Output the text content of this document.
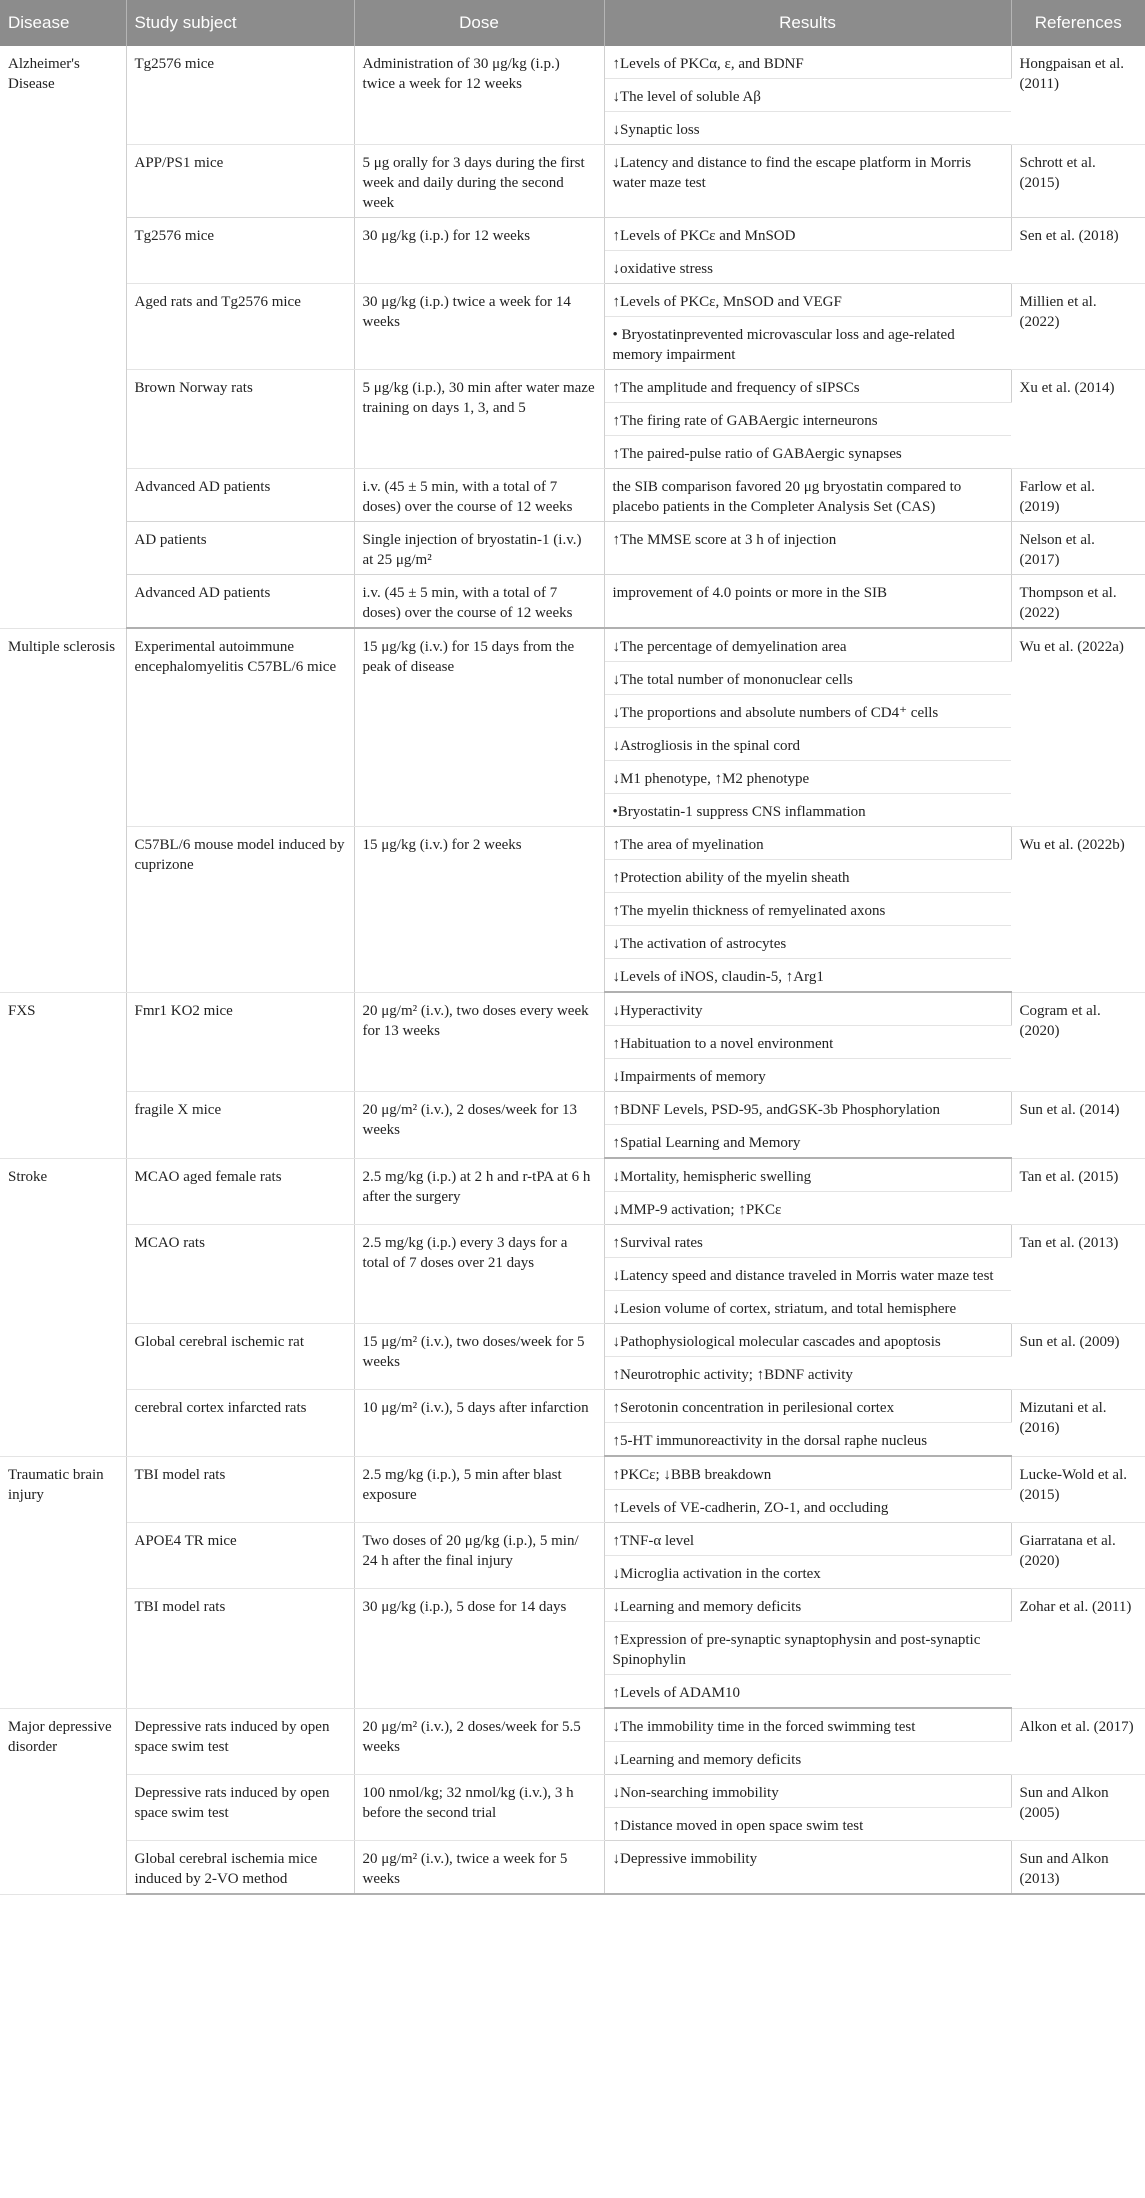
Disease	Study subject	Dose	Results	References
Alzheimer's Disease	Tg2576 mice	Administration of 30 μg/kg (i.p.) twice a week for 12 weeks	↑Levels of PKCα, ε, and BDNF	Hongpaisan et al. (2011)
			↓The level of soluble Aβ	
			↓Synaptic loss	
	APP/PS1 mice	5 μg orally for 3 days during the first week and daily during the second week	↓Latency and distance to find the escape platform in Morris water maze test	Schrott et al. (2015)
	Tg2576 mice	30 μg/kg (i.p.) for 12 weeks	↑Levels of PKCε and MnSOD	Sen et al. (2018)
			↓oxidative stress	
	Aged rats and Tg2576 mice	30 μg/kg (i.p.) twice a week for 14 weeks	↑Levels of PKCε, MnSOD and VEGF	Millien et al. (2022)
			• Bryostatinprevented microvascular loss and age-related memory impairment	
	Brown Norway rats	5 μg/kg (i.p.), 30 min after water maze training on days 1, 3, and 5	↑The amplitude and frequency of sIPSCs	Xu et al. (2014)
			↑The firing rate of GABAergic interneurons	
			↑The paired-pulse ratio of GABAergic synapses	
	Advanced AD patients	i.v. (45 ± 5 min, with a total of 7 doses) over the course of 12 weeks	the SIB comparison favored 20 μg bryostatin compared to placebo patients in the Completer Analysis Set (CAS)	Farlow et al. (2019)
	AD patients	Single injection of bryostatin-1 (i.v.) at 25 μg/m²	↑The MMSE score at 3 h of injection	Nelson et al. (2017)
	Advanced AD patients	i.v. (45 ± 5 min, with a total of 7 doses) over the course of 12 weeks	improvement of 4.0 points or more in the SIB	Thompson et al. (2022)
Multiple sclerosis	Experimental autoimmune encephalomyelitis C57BL/6 mice	15 μg/kg (i.v.) for 15 days from the peak of disease	↓The percentage of demyelination area	Wu et al. (2022a)
			↓The total number of mononuclear cells	
			↓The proportions and absolute numbers of CD4⁺ cells	
			↓Astrogliosis in the spinal cord	
			↓M1 phenotype, ↑M2 phenotype	
			•Bryostatin-1 suppress CNS inflammation	
	C57BL/6 mouse model induced by cuprizone	15 μg/kg (i.v.) for 2 weeks	↑The area of myelination	Wu et al. (2022b)
			↑Protection ability of the myelin sheath	
			↑The myelin thickness of remyelinated axons	
			↓The activation of astrocytes	
			↓Levels of iNOS, claudin-5, ↑Arg1	
FXS	Fmr1 KO2 mice	20 μg/m² (i.v.), two doses every week for 13 weeks	↓Hyperactivity	Cogram et al. (2020)
			↑Habituation to a novel environment	
			↓Impairments of memory	
	fragile X mice	20 μg/m² (i.v.), 2 doses/week for 13 weeks	↑BDNF Levels, PSD-95, andGSK-3b Phosphorylation	Sun et al. (2014)
			↑Spatial Learning and Memory	
Stroke	MCAO aged female rats	2.5 mg/kg (i.p.) at 2 h and r-tPA at 6 h after the surgery	↓Mortality, hemispheric swelling	Tan et al. (2015)
			↓MMP-9 activation; ↑PKCε	
	MCAO rats	2.5 mg/kg (i.p.) every 3 days for a total of 7 doses over 21 days	↑Survival rates	Tan et al. (2013)
			↓Latency speed and distance traveled in Morris water maze test	
			↓Lesion volume of cortex, striatum, and total hemisphere	
	Global cerebral ischemic rat	15 μg/m² (i.v.), two doses/week for 5 weeks	↓Pathophysiological molecular cascades and apoptosis	Sun et al. (2009)
			↑Neurotrophic activity; ↑BDNF activity	
	cerebral cortex infarcted rats	10 μg/m² (i.v.), 5 days after infarction	↑Serotonin concentration in perilesional cortex	Mizutani et al. (2016)
			↑5-HT immunoreactivity in the dorsal raphe nucleus	
Traumatic brain injury	TBI model rats	2.5 mg/kg (i.p.), 5 min after blast exposure	↑PKCε; ↓BBB breakdown	Lucke-Wold et al. (2015)
			↑Levels of VE-cadherin, ZO-1, and occluding	
	APOE4 TR mice	Two doses of 20 μg/kg (i.p.), 5 min/ 24 h after the final injury	↑TNF-α level	Giarratana et al. (2020)
			↓Microglia activation in the cortex	
	TBI model rats	30 μg/kg (i.p.), 5 dose for 14 days	↓Learning and memory deficits	Zohar et al. (2011)
			↑Expression of pre-synaptic synaptophysin and post-synaptic Spinophylin	
			↑Levels of ADAM10	
Major depressive disorder	Depressive rats induced by open space swim test	20 μg/m² (i.v.), 2 doses/week for 5.5 weeks	↓The immobility time in the forced swimming test	Alkon et al. (2017)
			↓Learning and memory deficits	
	Depressive rats induced by open space swim test	100 nmol/kg; 32 nmol/kg (i.v.), 3 h before the second trial	↓Non-searching immobility	Sun and Alkon (2005)
			↑Distance moved in open space swim test	
	Global cerebral ischemia mice induced by 2-VO method	20 μg/m² (i.v.), twice a week for 5 weeks	↓Depressive immobility	Sun and Alkon (2013)
